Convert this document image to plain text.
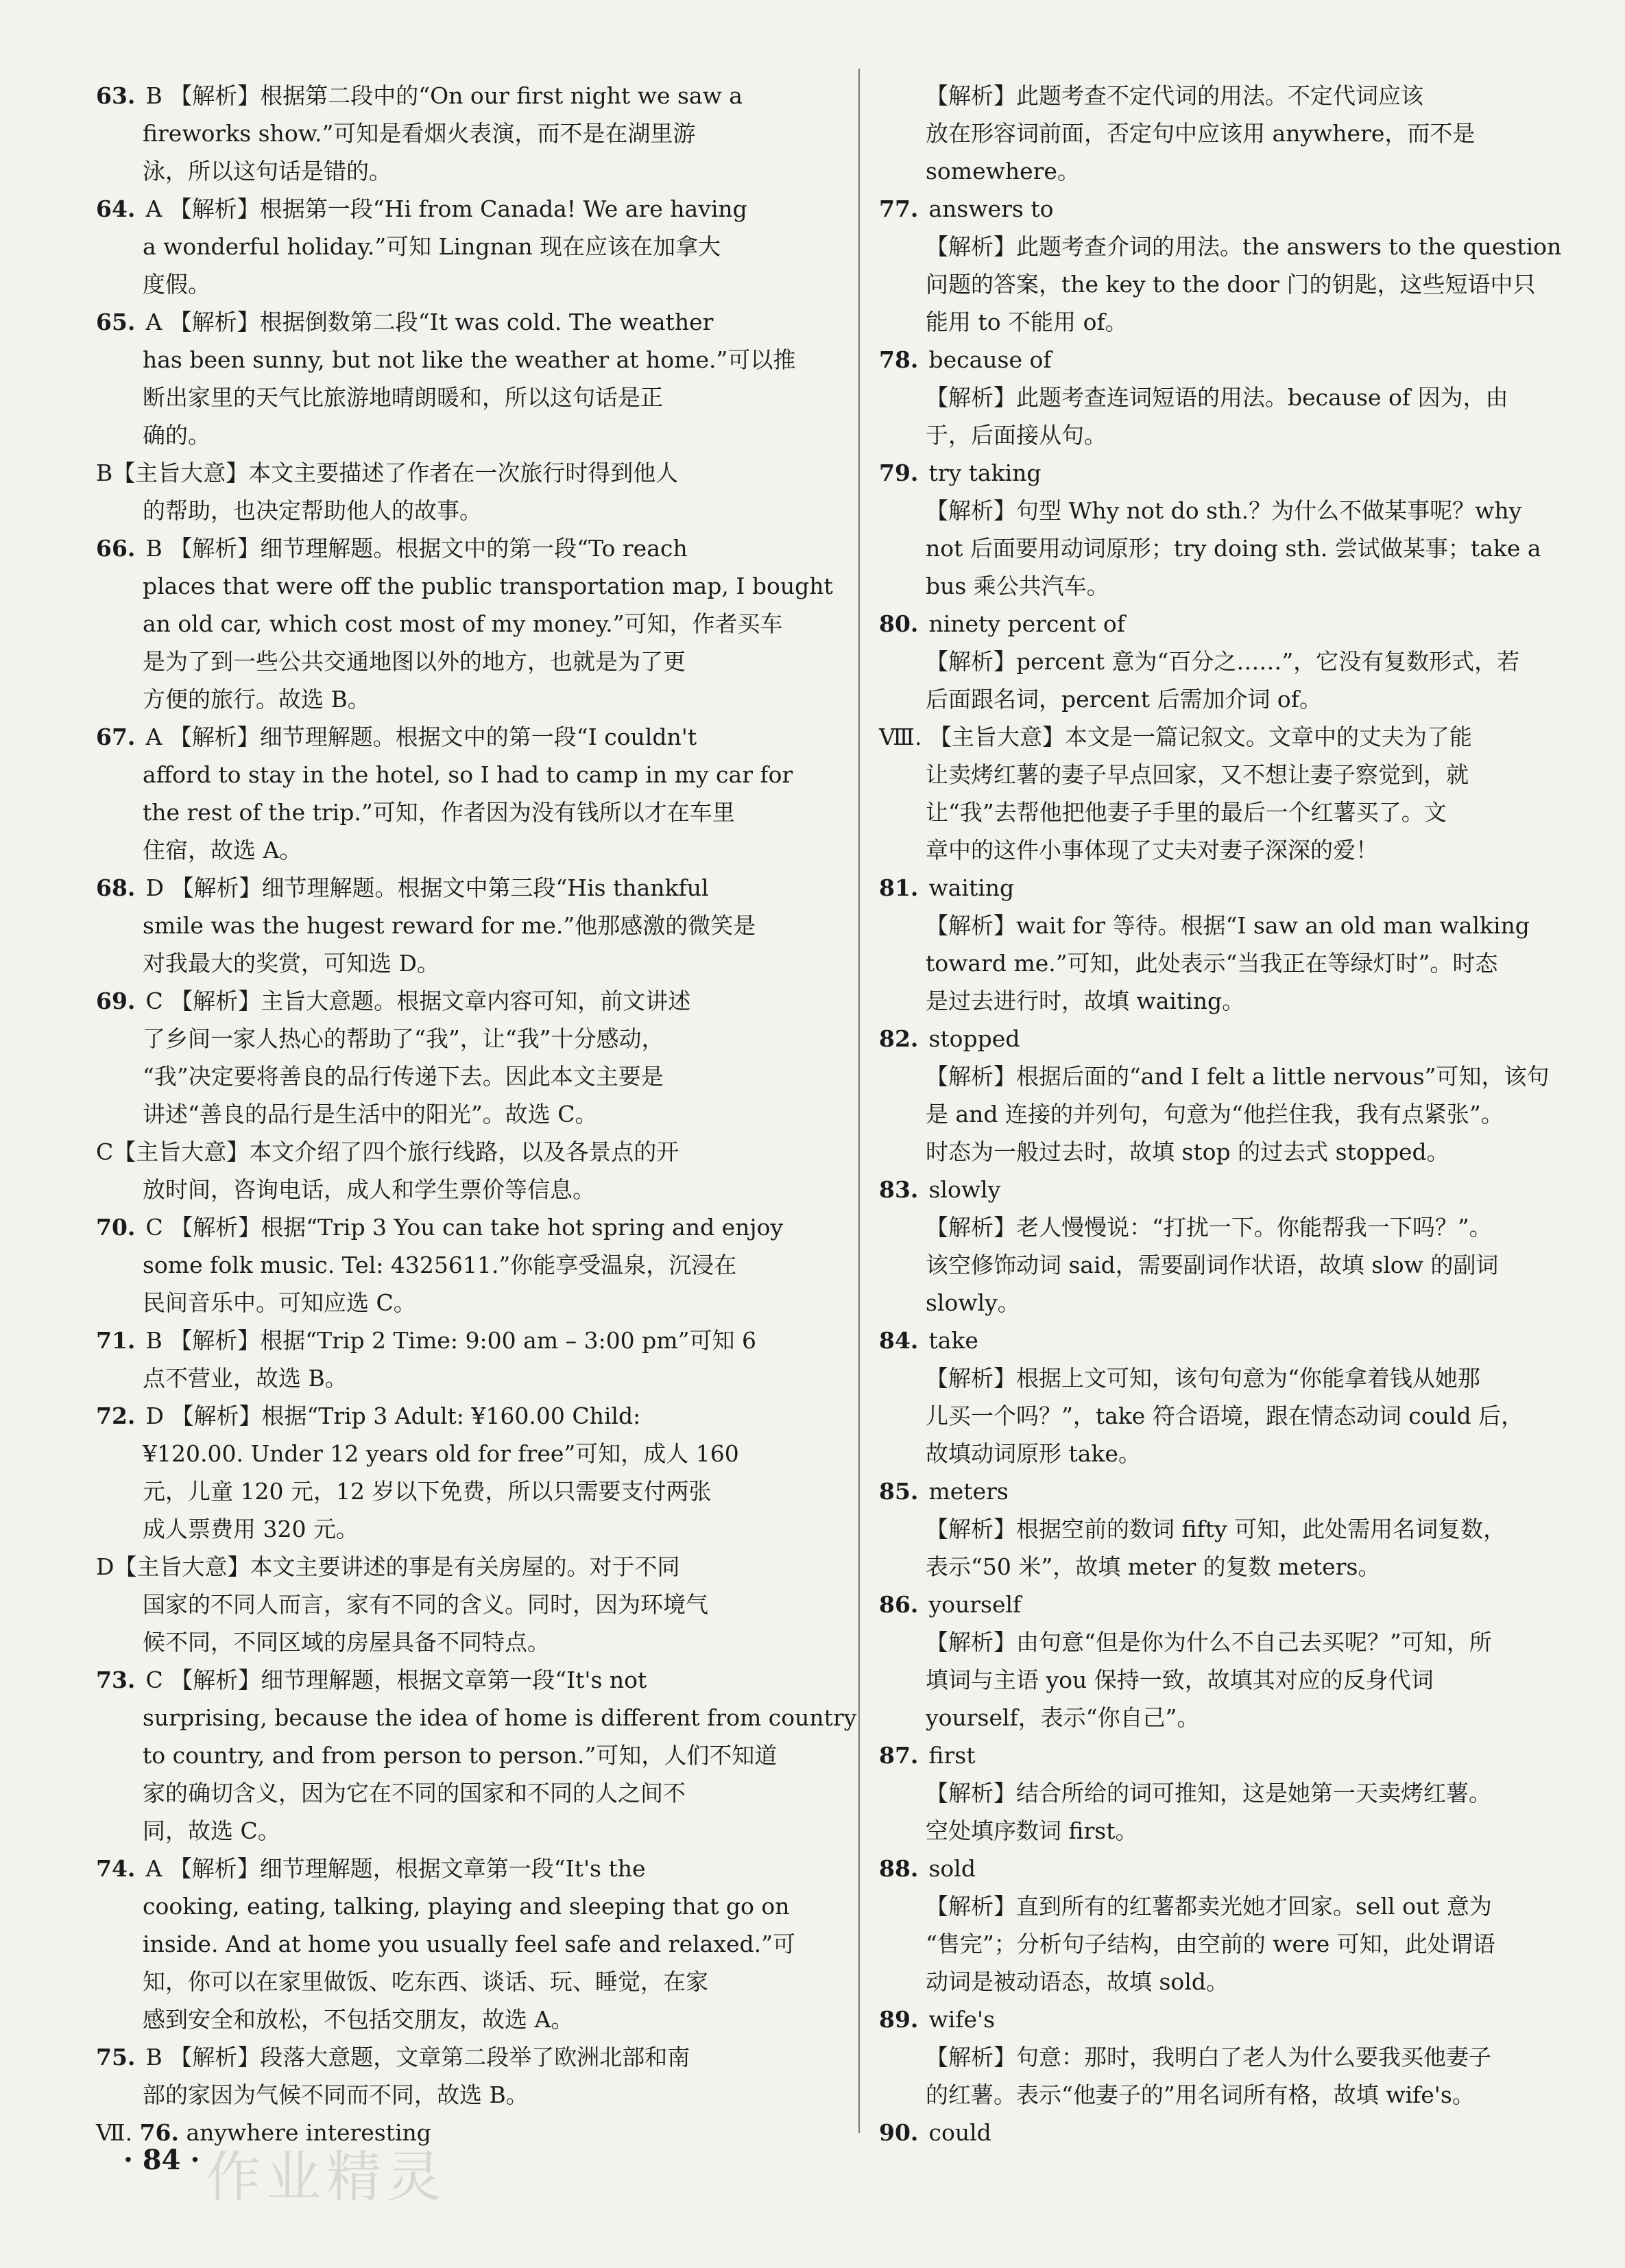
63. B 【解析】根据第二段中的“On our first night we saw a
fireworks show.”可知是看烟火表演，而不是在湖里游
泳，所以这句话是错的。
64. A 【解析】根据第一段“Hi from Canada! We are having
a wonderful holiday.”可知 Lingnan 现在应该在加拿大
度假。
65. A 【解析】根据倒数第二段“It was cold. The weather
has been sunny, but not like the weather at home.”可以推
断出家里的天气比旅游地晴朗暖和，所以这句话是正
确的。
B【主旨大意】本文主要描述了作者在一次旅行时得到他人
的帮助，也决定帮助他人的故事。
66. B 【解析】细节理解题。根据文中的第一段“To reach
places that were off the public transportation map, I bought
an old car, which cost most of my money.”可知，作者买车
是为了到一些公共交通地图以外的地方，也就是为了更
方便的旅行。故选 B。
67. A 【解析】细节理解题。根据文中的第一段“I couldn't
afford to stay in the hotel, so I had to camp in my car for
the rest of the trip.”可知，作者因为没有钱所以才在车里
住宿，故选 A。
68. D 【解析】细节理解题。根据文中第三段“His thankful
smile was the hugest reward for me.”他那感激的微笑是
对我最大的奖赏，可知选 D。
69. C 【解析】主旨大意题。根据文章内容可知，前文讲述
了乡间一家人热心的帮助了“我”，让“我”十分感动，
“我”决定要将善良的品行传递下去。因此本文主要是
讲述“善良的品行是生活中的阳光”。故选 C。
C【主旨大意】本文介绍了四个旅行线路，以及各景点的开
放时间，咨询电话，成人和学生票价等信息。
70. C 【解析】根据“Trip 3 You can take hot spring and enjoy
some folk music. Tel: 4325611.”你能享受温泉，沉浸在
民间音乐中。可知应选 C。
71. B 【解析】根据“Trip 2 Time: 9:00 am – 3:00 pm”可知 6
点不营业，故选 B。
72. D 【解析】根据“Trip 3 Adult: ¥160.00 Child:
¥120.00. Under 12 years old for free”可知，成人 160
元，儿童 120 元，12 岁以下免费，所以只需要支付两张
成人票费用 320 元。
D【主旨大意】本文主要讲述的事是有关房屋的。对于不同
国家的不同人而言，家有不同的含义。同时，因为环境气
候不同，不同区域的房屋具备不同特点。
73. C 【解析】细节理解题，根据文章第一段“It's not
surprising, because the idea of home is different from country
to country, and from person to person.”可知，人们不知道
家的确切含义，因为它在不同的国家和不同的人之间不
同，故选 C。
74. A 【解析】细节理解题，根据文章第一段“It's the
cooking, eating, talking, playing and sleeping that go on
inside. And at home you usually feel safe and relaxed.”可
知，你可以在家里做饭、吃东西、谈话、玩、睡觉，在家
感到安全和放松，不包括交朋友，故选 A。
75. B 【解析】段落大意题，文章第二段举了欧洲北部和南
部的家因为气候不同而不同，故选 B。
Ⅶ. 76. anywhere interesting
【解析】此题考查不定代词的用法。不定代词应该
放在形容词前面，否定句中应该用 anywhere，而不是
somewhere。
77. answers to
【解析】此题考查介词的用法。the answers to the question
问题的答案，the key to the door 门的钥匙，这些短语中只
能用 to 不能用 of。
78. because of
【解析】此题考查连词短语的用法。because of 因为，由
于，后面接从句。
79. try taking
【解析】句型 Why not do sth.？为什么不做某事呢？why
not 后面要用动词原形；try doing sth. 尝试做某事；take a
bus 乘公共汽车。
80. ninety percent of
【解析】percent 意为“百分之……”，它没有复数形式，若
后面跟名词，percent 后需加介词 of。
Ⅷ. 【主旨大意】本文是一篇记叙文。文章中的丈夫为了能
让卖烤红薯的妻子早点回家，又不想让妻子察觉到，就
让“我”去帮他把他妻子手里的最后一个红薯买了。文
章中的这件小事体现了丈夫对妻子深深的爱！
81. waiting
【解析】wait for 等待。根据“I saw an old man walking
toward me.”可知，此处表示“当我正在等绿灯时”。时态
是过去进行时，故填 waiting。
82. stopped
【解析】根据后面的“and I felt a little nervous”可知，该句
是 and 连接的并列句，句意为“他拦住我，我有点紧张”。
时态为一般过去时，故填 stop 的过去式 stopped。
83. slowly
【解析】老人慢慢说：“打扰一下。你能帮我一下吗？”。
该空修饰动词 said，需要副词作状语，故填 slow 的副词
slowly。
84. take
【解析】根据上文可知，该句句意为“你能拿着钱从她那
儿买一个吗？”，take 符合语境，跟在情态动词 could 后，
故填动词原形 take。
85. meters
【解析】根据空前的数词 fifty 可知，此处需用名词复数，
表示“50 米”，故填 meter 的复数 meters。
86. yourself
【解析】由句意“但是你为什么不自己去买呢？”可知，所
填词与主语 you 保持一致，故填其对应的反身代词
yourself，表示“你自己”。
87. first
【解析】结合所给的词可推知，这是她第一天卖烤红薯。
空处填序数词 first。
88. sold
【解析】直到所有的红薯都卖光她才回家。sell out 意为
“售完”；分析句子结构，由空前的 were 可知，此处谓语
动词是被动语态，故填 sold。
89. wife's
【解析】句意：那时，我明白了老人为什么要我买他妻子
的红薯。表示“他妻子的”用名词所有格，故填 wife's。
90. could
· 84 · 作业精灵
